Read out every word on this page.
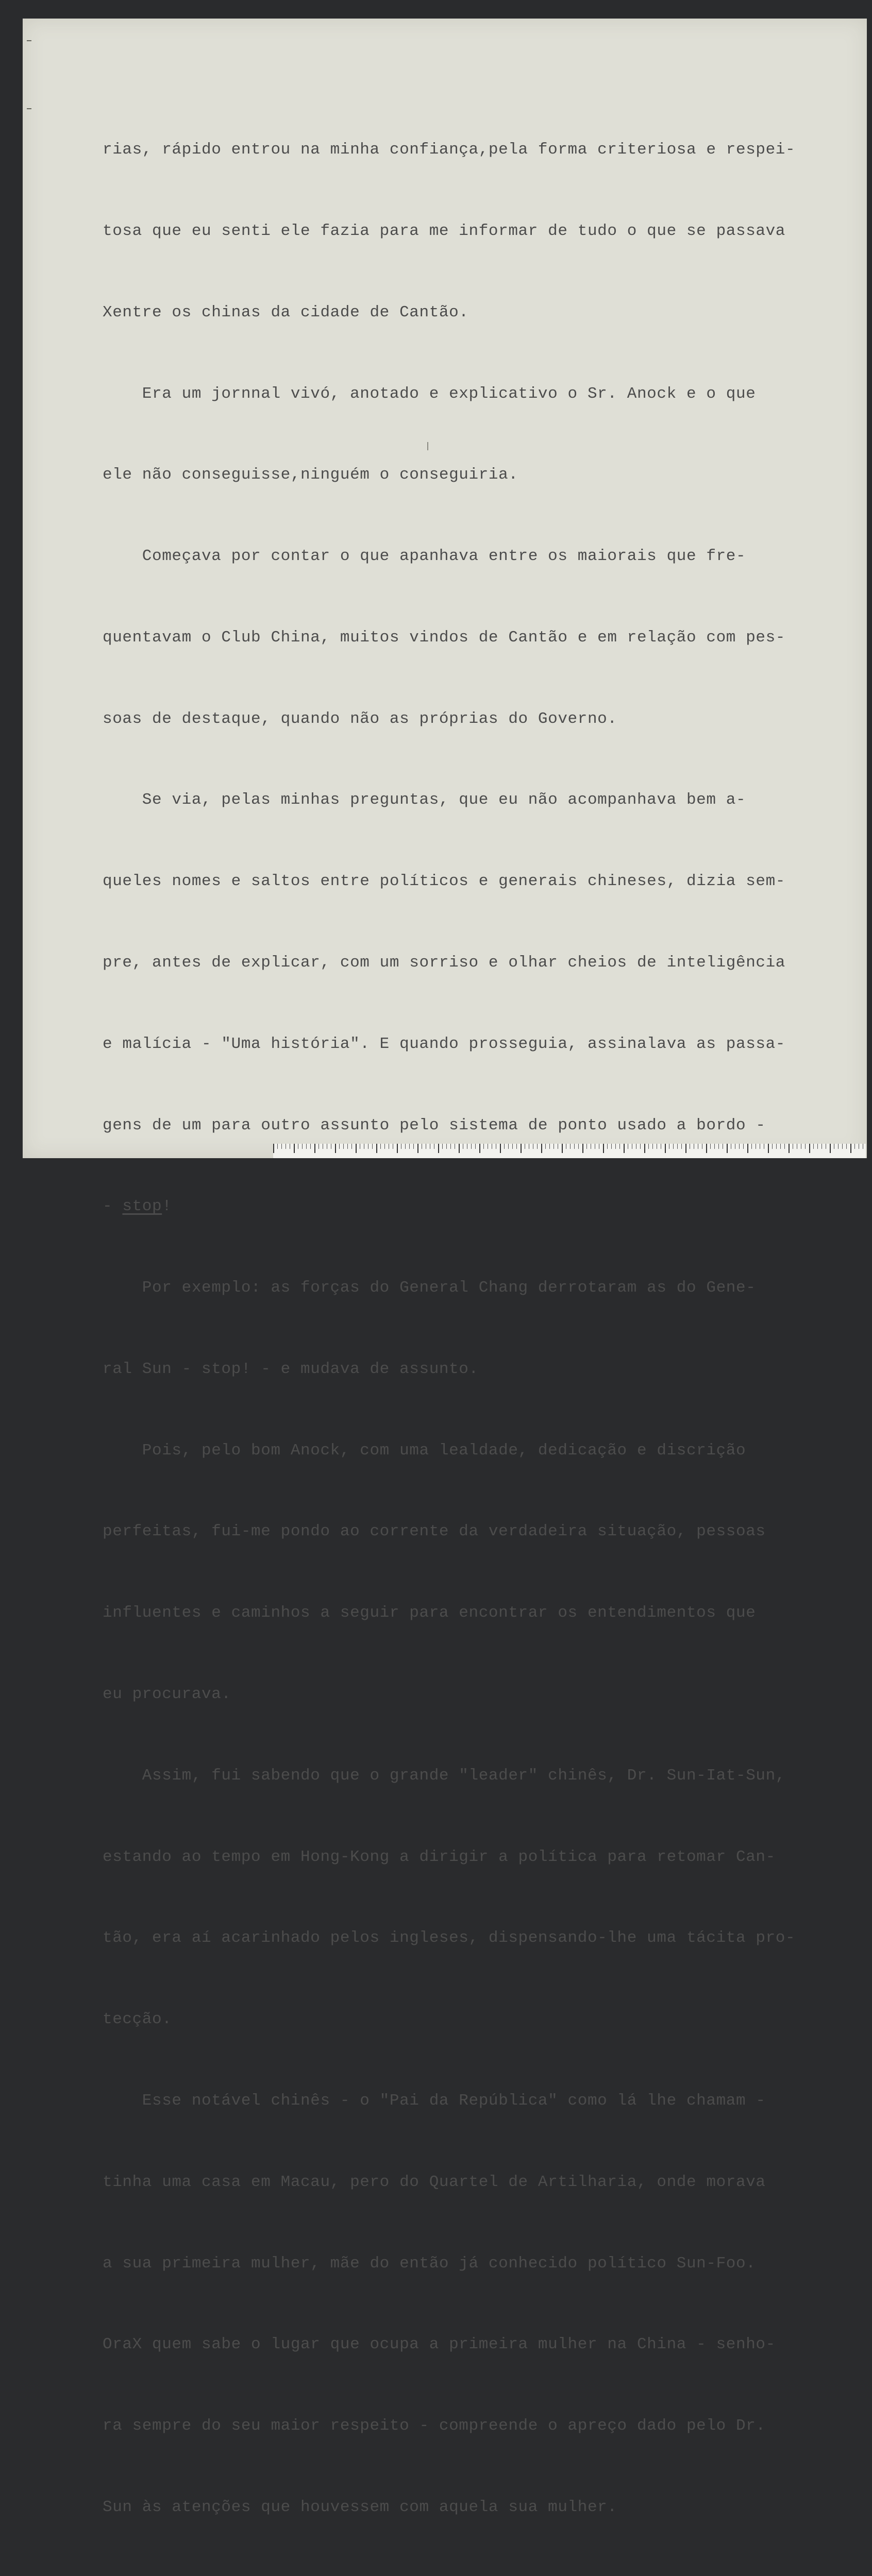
rias, rápido entrou na minha confiança,pela forma criteriosa e respei-

tosa que eu senti ele fazia para me informar de tudo o que se passava

Xentre os chinas da cidade de Cantão.

Era um jornnal vivó, anotado e explicativo o Sr. Anock e o que

ele não conseguisse,ninguém o conseguiria.

Começava por contar o que apanhava entre os maiorais que fre-

quentavam o Club China, muitos vindos de Cantão e em relação com pes-

soas de destaque, quando não as próprias do Governo.

Se via, pelas minhas preguntas, que eu não acompanhava bem a-

queles nomes e saltos entre políticos e generais chineses, dizia sem-

pre, antes de explicar, com um sorriso e olhar cheios de inteligência

e malícia - "Uma história". E quando prosseguia, assinalava as passa-

gens de um para outro assunto pelo sistema de ponto usado a bordo -

- stop!

Por exemplo: as forças do General Chang derrotaram as do Gene-

ral Sun - stop! - e mudava de assunto.

Pois, pelo bom Anock, com uma lealdade, dedicação e discrição

perfeitas, fui-me pondo ao corrente da verdadeira situação, pessoas

influentes e caminhos a seguir para encontrar os entendimentos que

eu procurava.

Assim, fui sabendo que o grande "leader" chinês, Dr. Sun-Iat-Sun,

estando ao tempo em Hong-Kong a dirigir a política para retomar Can-

tão, era aí acarinhado pelos ingleses, dispensando-lhe uma tácita pro-

tecção.

Esse notável chinês - o "Pai da República" como lá lhe chamam -

tinha uma casa em Macau, pero do Quartel de Artilharia, onde morava

a sua primeira mulher, mãe do então já conhecido político Sun-Foo.

OraX quem sabe o lugar que ocupa a primeira mulher na China - senho-

ra sempre do seu maior respeito - compreende o apreço dado pelo Dr.

Sun às atenções que houvessem com aquela sua mulher.
